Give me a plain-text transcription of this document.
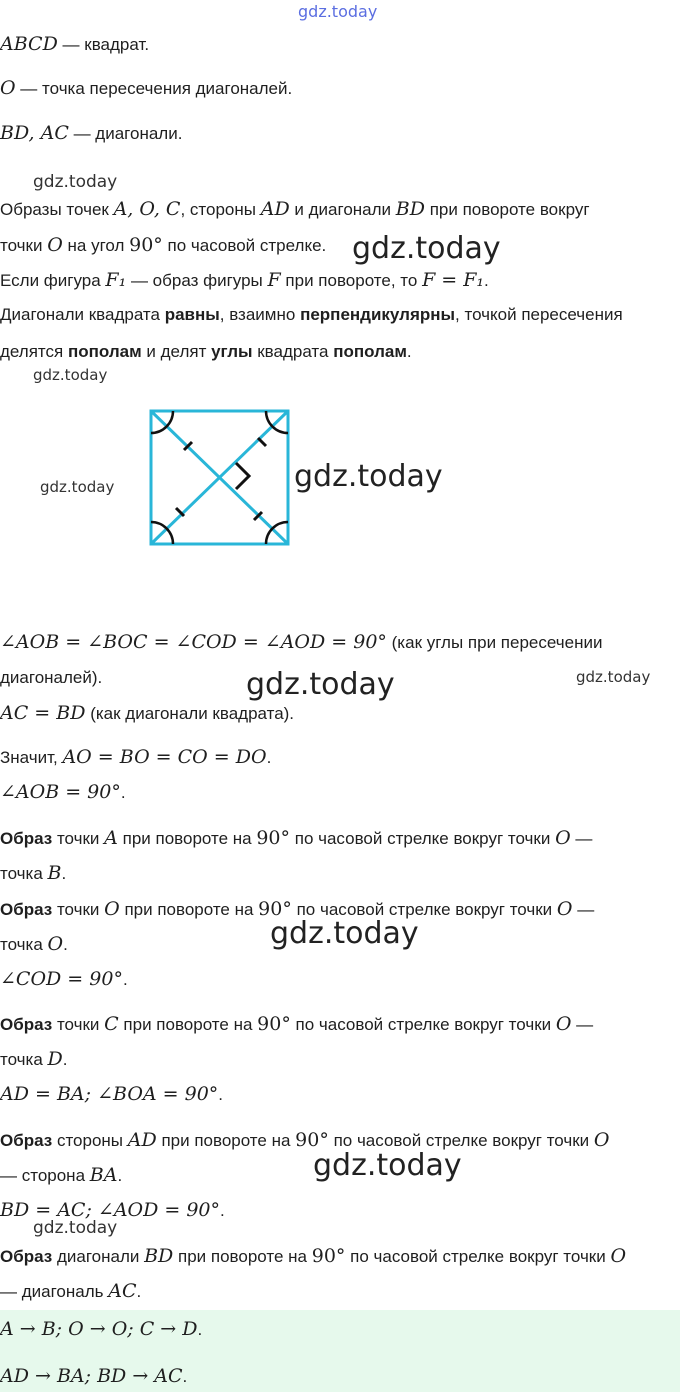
gdz.today
ABCD — квадрат.
O — точка пересечения диагоналей.
BD, AC — диагонали.
Образы точек A, O, C, стороны AD и диагонали BD при повороте вокруг
точки O на угол 90° по часовой стрелке.
Если фигура F₁ — образ фигуры F при повороте, то F = F₁.
Диагонали квадрата равны, взаимно перпендикулярны, точкой пересечения
делятся пополам и делят углы квадрата пополам.
gdz.today
gdz.today
gdz.today
gdz.today	gdz.today
∠AOB = ∠BOC = ∠COD = ∠AOD = 90° (как углы при пересечении
диагоналей).	gdz.today	gdz.today
AC = BD (как диагонали квадрата).
Значит, AO = BO = CO = DO.
∠AOB = 90°.
Образ точки A при повороте на 90° по часовой стрелке вокруг точки O —
точка B.
Образ точки O при повороте на 90° по часовой стрелке вокруг точки O —
точка O.	gdz.today
∠COD = 90°.
Образ точки C при повороте на 90° по часовой стрелке вокруг точки O —
точка D.
AD = BA; ∠BOA = 90°.
Образ стороны AD при повороте на 90° по часовой стрелке вокруг точки O
— сторона BA.	gdz.today
BD = AC; ∠AOD = 90°.
gdz.today
Образ диагонали BD при повороте на 90° по часовой стрелке вокруг точки O
— диагональ AC.
A → B; O → O; C → D.
AD → BA; BD → AC.
